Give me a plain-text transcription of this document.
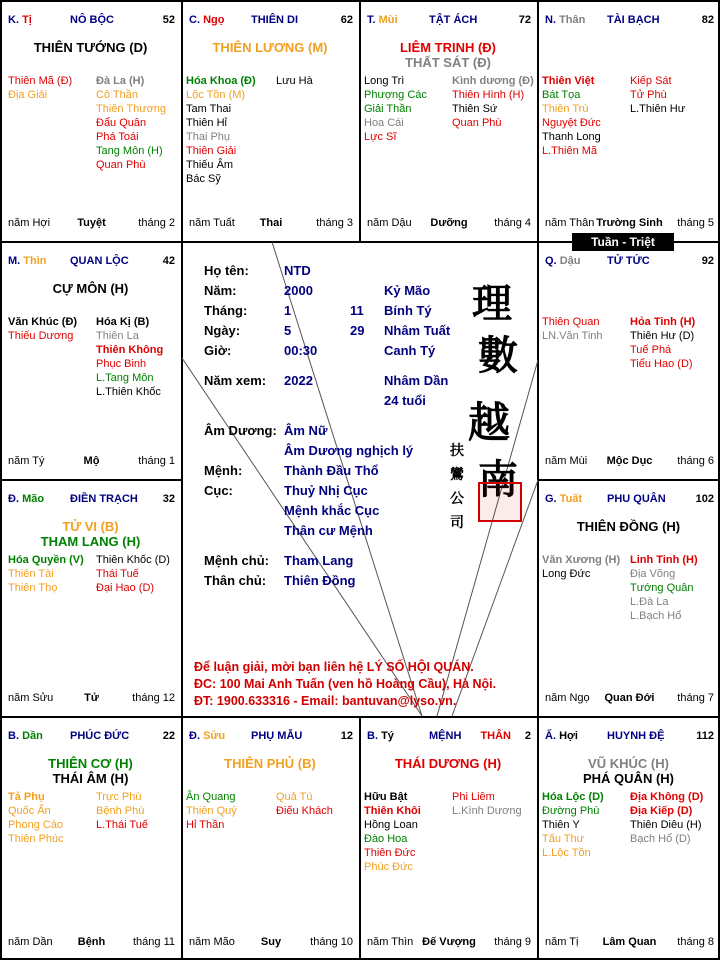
K. Tị	NÔ BỘC	52
THIÊN TƯỚNG (D)
Thiên Mã (Đ)
Địa Giải
Đà La (H)
Cô Thần
Thiên Thương
Đẩu Quân
Phá Toái
Tang Môn (H)
Quan Phù
năm Hợi	Tuyệt	tháng 2
C. Ngọ THIÊN DI	62
THIÊN LƯƠNG (M)
Hóa Khoa (Đ)
Lộc Tồn (M)
Tam Thai
Thiên Hỉ
Thai Phụ
Thiên Giải
Thiếu Âm
Bác Sỹ
Lưu Hà
năm Tuất	Thai	tháng 3
T. Mùi	TẬT ÁCH	72
LIÊM TRINH (Đ)
THẤT SÁT (Đ)
Long Trì
Phượng Các
Giải Thần
Hoa Cái
Lực Sĩ
Kình dương (Đ)
Thiên Hình (H)
Thiên Sứ
Quan Phù
năm Dậu	Dưỡng	tháng 4
N. Thân TÀI BẠCH	82
Thiên Việt
Bát Tọa
Thiên Trù
Nguyệt Đức
Thanh Long
L.Thiên Mã
Kiếp Sát
Tử Phù
L.Thiên Hư
năm Thân Trường Sinh	tháng 5
M. Thìn QUAN LỘC	42
CỰ MÔN (H)
Văn Khúc (Đ)
Thiếu Dương
Hóa Kị (B)
Thiên La
Thiên Không
Phục Binh
L.Tang Môn
L.Thiên Khốc
năm Tý	Mộ	tháng 1
Q. Dậu TỬ TỨC	92
Thiên Quan
LN.Văn Tinh
Hỏa Tinh (H)
Thiên Hư (D)
Tuế Phá
Tiểu Hao (D)
năm Mùi	Mộc Dục	tháng 6
Đ. Mão ĐIỀN TRẠCH 32
TỬ VI (B)
THAM LANG (H)
Hóa Quyền (V)
Thiên Tài
Thiên Thọ
Thiên Khốc (D)
Thái Tuế
Đại Hao (D)
năm Sửu	Tử	tháng 12
G. Tuất PHU QUÂN	102
THIÊN ĐỒNG (H)
Văn Xương (H)
Long Đức
Linh Tinh (H)
Địa Võng
Tướng Quân
L.Đà La
L.Bạch Hổ
năm Ngọ	Quan Đới	tháng 7
B. Dần PHÚC ĐỨC	22
THIÊN CƠ (H)
THÁI ÂM (H)
Tả Phụ
Quốc Ấn
Phong Cáo
Thiên Phúc
Trực Phù
Bệnh Phù
L.Thái Tuế
năm Dần	Bệnh	tháng 11
Đ. Sửu PHỤ MẪU	12
THIÊN PHỦ (B)
Ân Quang
Thiên Quý
Hỉ Thần
Quả Tú
Điếu Khách
năm Mão	Suy	tháng 10
B. Tý	MỆNH THÂN 2
THÁI DƯƠNG (H)
Hữu Bật
Thiên Khôi
Hồng Loan
Đào Hoa
Thiên Đức
Phúc Đức
Phi Liêm
L.Kình Dương
năm Thìn Đế Vượng	tháng 9
Ấ. Hợi	HUYNH ĐỆ	112
VŨ KHÚC (H)
PHÁ QUÂN (H)
Hóa Lộc (D)
Đường Phù
Thiên Y
Tấu Thư
L.Lộc Tồn
Địa Không (D)
Địa Kiếp (D)
Thiên Diêu (H)
Bạch Hổ (D)
năm Tị	Lâm Quan	tháng 8
Họ tên:	NTD
Năm:	2000	Kỷ Mão
Tháng:	1	11 Bính Tý
Ngày:	5	29 Nhâm Tuất
Giờ:	00:30	Canh Tý
Năm xem: 2022	Nhâm Dần
24 tuổi
Âm Dương: Âm Nữ
Âm Dương nghịch lý
Mệnh:	Thành Đầu Thổ
Cục:	Thuỷ Nhị Cục
Mệnh khắc Cục
Thân cư Mệnh
Mệnh chủ: Tham Lang
Thân chủ: Thiên Đồng
理
數
越
南
扶
鸞
公
司
Để luận giải, mời bạn liên hệ LÝ SỐ HỘI QUÁN.
ĐC: 100 Mai Anh Tuấn (ven hồ Hoàng Cầu), Hà Nội.
ĐT: 1900.633316 - Email: bantuvan@lyso.vn.
Tuần - Triệt
